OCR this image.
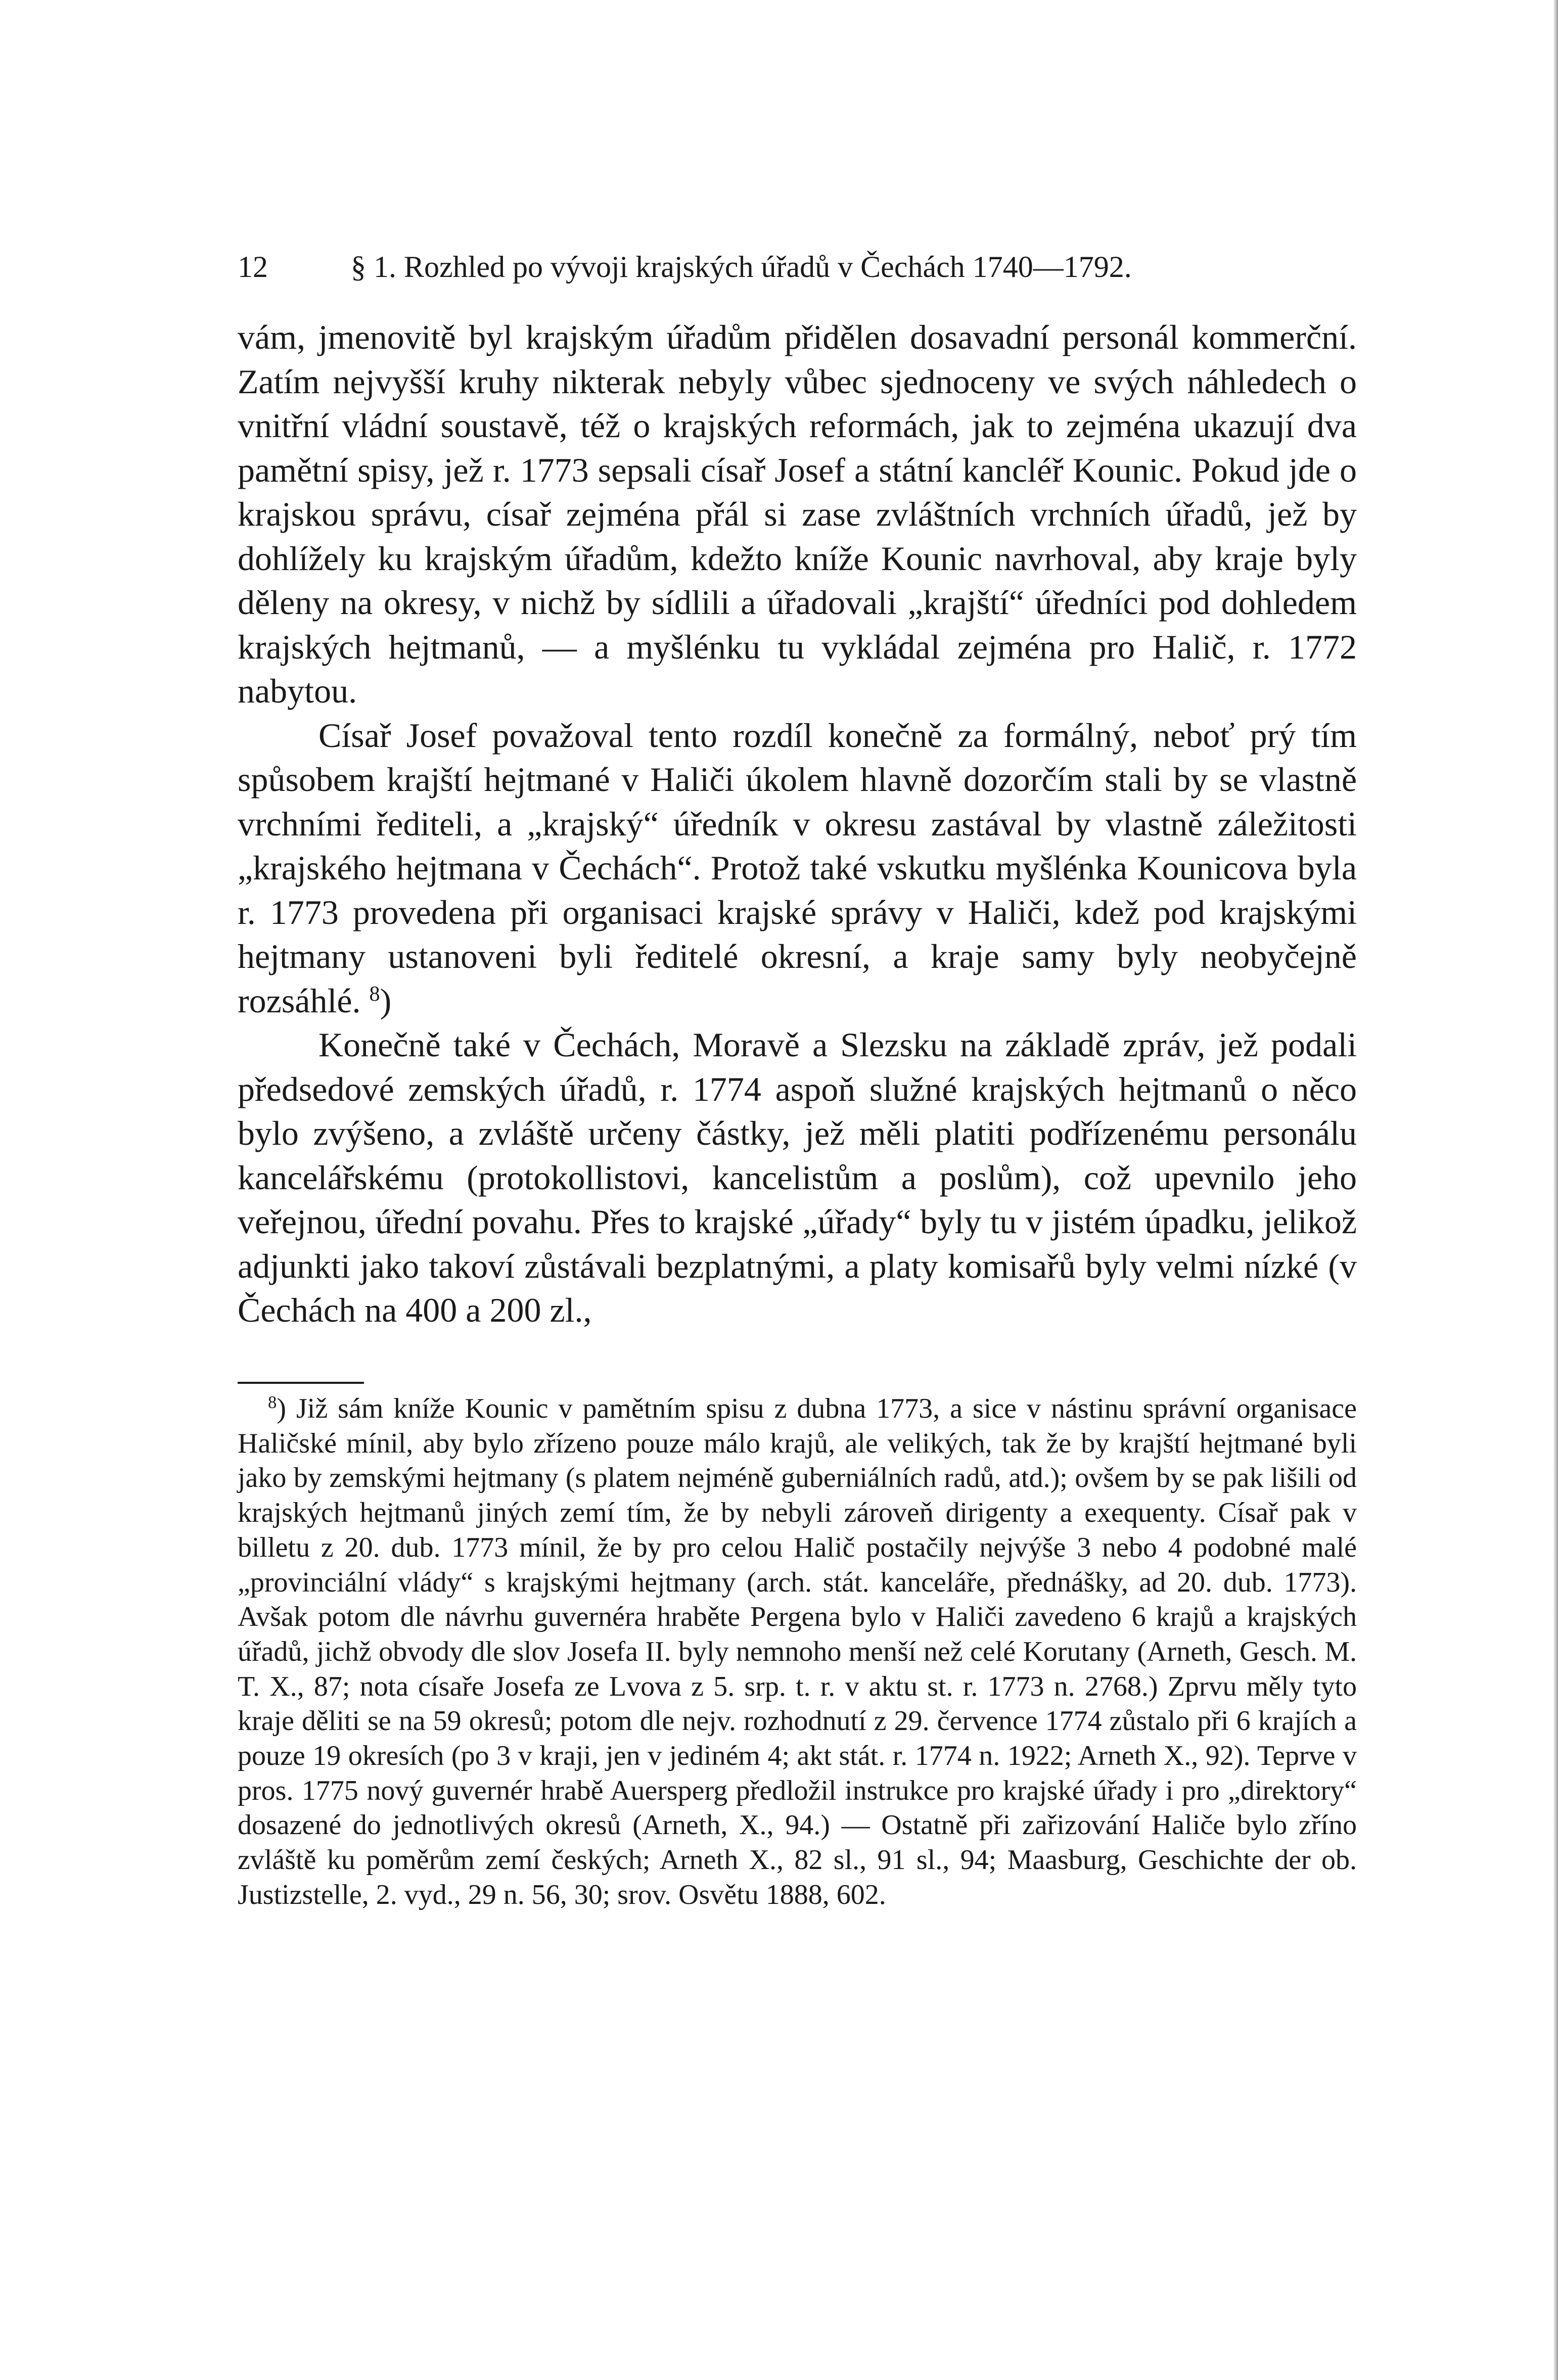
12	§ 1. Rozhled po vývoji krajských úřadů v Čechách 1740—1792.

vám, jmenovitě byl krajským úřadům přidělen dosavadní personál kommerční. Zatím nejvyšší kruhy nikterak nebyly vůbec sjednoceny ve svých náhledech o vnitřní vládní soustavě, též o krajských reformách, jak to zejména ukazují dva pamětní spisy, jež r. 1773 sepsali císař Josef a státní kancléř Kounic. Pokud jde o krajskou správu, císař zejména přál si zase zvláštních vrchních úřadů, jež by dohlížely ku krajským úřadům, kdežto kníže Kounic navrhoval, aby kraje byly děleny na okresy, v nichž by sídlili a úřadovali „krajští“ úředníci pod dohledem krajských hejtmanů, — a myšlénku tu vykládal zejména pro Halič, r. 1772 nabytou.

Císař Josef považoval tento rozdíl konečně za formálný, neboť prý tím spůsobem krajští hejtmané v Haliči úkolem hlavně dozorčím stali by se vlastně vrchními řediteli, a „krajský“ úředník v okresu zastával by vlastně záležitosti „krajského hejtmana v Čechách“. Protož také vskutku myšlénka Kounicova byla r. 1773 provedena při organisaci krajské správy v Haliči, kdež pod krajskými hejtmany ustanoveni byli ředitelé okresní, a kraje samy byly neobyčejně rozsáhlé. $^8$)

Konečně také v Čechách, Moravě a Slezsku na základě zpráv, jež podali předsedové zemských úřadů, r. 1774 aspoň služné krajských hejtmanů o něco bylo zvýšeno, a zvláště určeny částky, jež měli platiti podřízenému personálu kancelářskému (protokollistovi, kancelistům a poslům), což upevnilo jeho veřejnou, úřední povahu. Přes to krajské „úřady“ byly tu v jistém úpadku, jelikož adjunkti jako takoví zůstávali bezplatnými, a platy komisařů byly velmi nízké (v Čechách na 400 a 200 zl.,

$^8$) Již sám kníže Kounic v pamětním spisu z dubna 1773, a sice v nástinu správní organisace Haličské mínil, aby bylo zřízeno pouze málo krajů, ale velikých, tak že by krajští hejtmané byli jako by zemskými hejtmany (s platem nejméně guberniálních radů, atd.); ovšem by se pak lišili od krajských hejtmanů jiných zemí tím, že by nebyli zároveň dirigenty a exequenty. Císař pak v billetu z 20. dub. 1773 mínil, že by pro celou Halič postačily nejvýše 3 nebo 4 podobné malé „provinciální vlády“ s krajskými hejtmany (arch. stát. kanceláře, přednášky, ad 20. dub. 1773). Avšak potom dle návrhu guvernéra hraběte Pergena bylo v Haliči zavedeno 6 krajů a krajských úřadů, jichž obvody dle slov Josefa II. byly nemnoho menší než celé Korutany (Arneth, Gesch. M. T. X., 87; nota císaře Josefa ze Lvova z 5. srp. t. r. v aktu st. r. 1773 n. 2768.) Zprvu měly tyto kraje děliti se na 59 okresů; potom dle nejv. rozhodnutí z 29. července 1774 zůstalo při 6 krajích a pouze 19 okresích (po 3 v kraji, jen v jediném 4; akt stát. r. 1774 n. 1922; Arneth X., 92). Teprve v pros. 1775 nový guvernér hrabě Auersperg předložil instrukce pro krajské úřady i pro „direktory“ dosazené do jednotlivých okresů (Arneth, X., 94.) — Ostatně při zařizování Haliče bylo zříno zvláště ku poměrům zemí českých; Arneth X., 82 sl., 91 sl., 94; Maasburg, Geschichte der ob. Justizstelle, 2. vyd., 29 n. 56, 30; srov. Osvětu 1888, 602.
